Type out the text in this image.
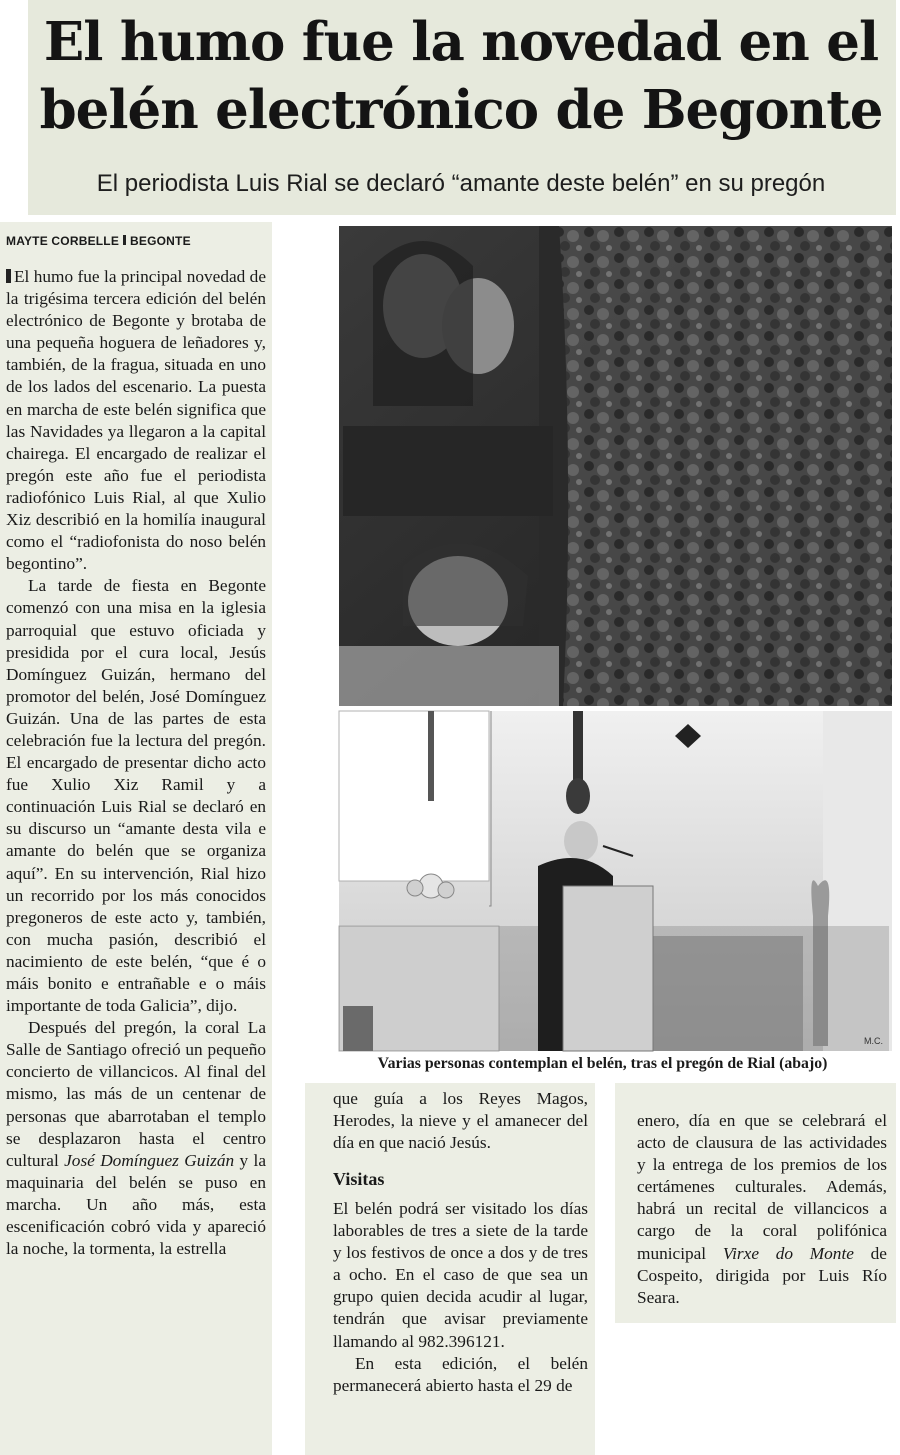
El humo fue la novedad en el belén electrónico de Begonte

El periodista Luis Rial se declaró “amante deste belén” en su pregón

MAYTE CORBELLE BEGONTE

El humo fue la principal novedad de la trigésima tercera edición del belén electrónico de Begonte y brotaba de una pequeña hoguera de leñadores y, también, de la fragua, situada en uno de los lados del escenario. La puesta en marcha de este belén significa que las Navidades ya llegaron a la capital chairega. El encargado de realizar el pregón este año fue el periodista radiofónico Luis Rial, al que Xulio Xiz describió en la homilía inaugural como el “radiofonista do noso belén begontino”.

La tarde de fiesta en Begonte comenzó con una misa en la iglesia parroquial que estuvo oficiada y presidida por el cura local, Jesús Domínguez Guizán, hermano del promotor del belén, José Domínguez Guizán. Una de las partes de esta celebración fue la lectura del pregón. El encargado de presentar dicho acto fue Xulio Xiz Ramil y a continuación Luis Rial se declaró en su discurso un “amante desta vila e amante do belén que se organiza aquí”. En su intervención, Rial hizo un recorrido por los más conocidos pregoneros de este acto y, también, con mucha pasión, describió el nacimiento de este belén, “que é o máis bonito e entrañable e o máis importante de toda Galicia”, dijo.

Después del pregón, la coral La Salle de Santiago ofreció un pequeño concierto de villancicos. Al final del mismo, las más de un centenar de personas que abarrotaban el templo se desplazaron hasta el centro cultural José Domínguez Guizán y la maquinaria del belén se puso en marcha. Un año más, esta escenificación cobró vida y apareció la noche, la tormenta, la estrella

M.C.

Varias personas contemplan el belén, tras el pregón de Rial (abajo)

que guía a los Reyes Magos, Herodes, la nieve y el amanecer del día en que nació Jesús.

Visitas

El belén podrá ser visitado los días laborables de tres a siete de la tarde y los festivos de once a dos y de tres a ocho. En el caso de que sea un grupo quien decida acudir al lugar, tendrán que avisar previamente llamando al 982.396121.

En esta edición, el belén permanecerá abierto hasta el 29 de

enero, día en que se celebrará el acto de clausura de las actividades y la entrega de los premios de los certámenes culturales. Además, habrá un recital de villancicos a cargo de la coral polifónica municipal Virxe do Monte de Cospeito, dirigida por Luis Río Seara.
